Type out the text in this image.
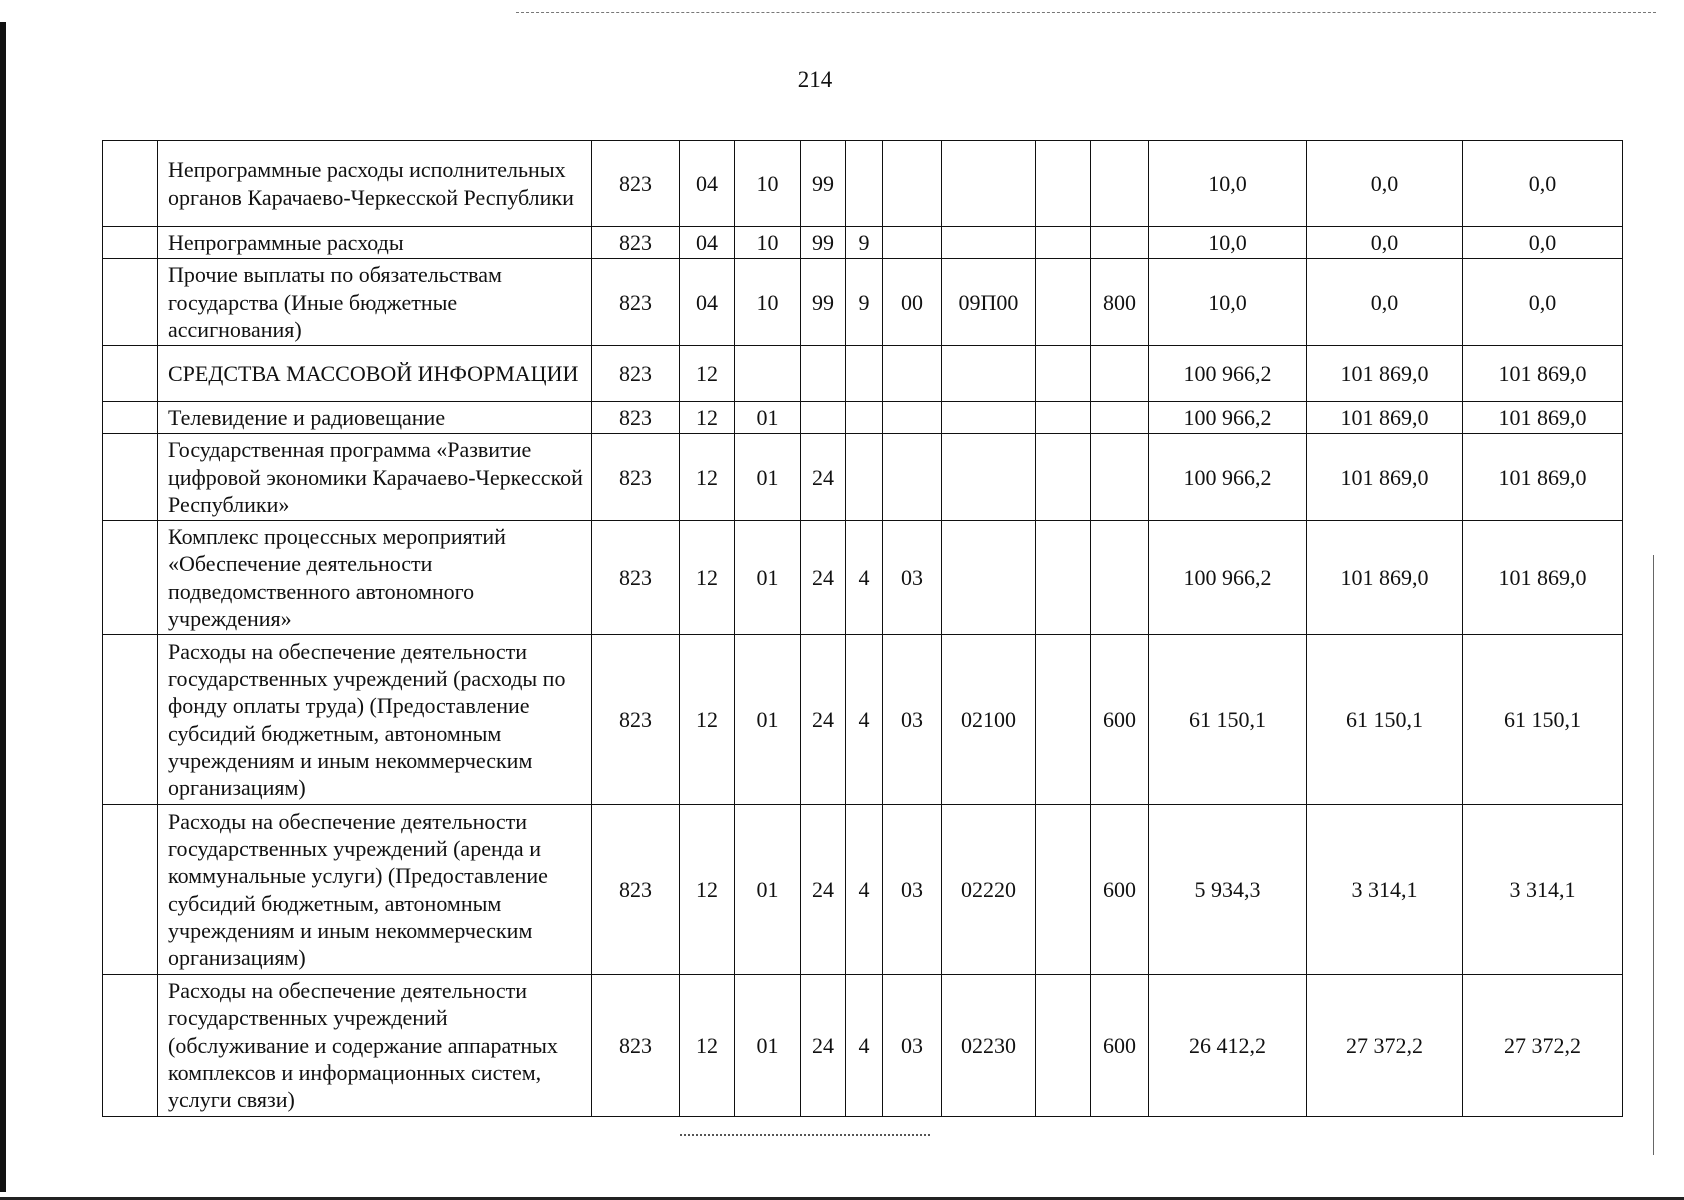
214
	Непрограммные расходы исполнительных органов Карачаево-Черкесской Республики	823	04	10	99						10,0	0,0	0,0
	Непрограммные расходы	823	04	10	99	9					10,0	0,0	0,0
	Прочие выплаты по обязательствам государства (Иные бюджетные ассигнования)	823	04	10	99	9	00	09П00		800	10,0	0,0	0,0
	СРЕДСТВА МАССОВОЙ ИНФОРМАЦИИ	823	12								100 966,2	101 869,0	101 869,0
	Телевидение и радиовещание	823	12	01							100 966,2	101 869,0	101 869,0
	Государственная программа «Развитие цифровой экономики Карачаево-Черкесской Республики»	823	12	01	24						100 966,2	101 869,0	101 869,0
	Комплекс процессных мероприятий «Обеспечение деятельности подведомственного автономного учреждения»	823	12	01	24	4	03				100 966,2	101 869,0	101 869,0
	Расходы на обеспечение деятельности государственных учреждений (расходы по фонду оплаты труда) (Предоставление субсидий бюджетным, автономным учреждениям и иным некоммерческим организациям)	823	12	01	24	4	03	02100		600	61 150,1	61 150,1	61 150,1
	Расходы на обеспечение деятельности государственных учреждений (аренда и коммунальные услуги) (Предоставление субсидий бюджетным, автономным учреждениям и иным некоммерческим организациям)	823	12	01	24	4	03	02220		600	5 934,3	3 314,1	3 314,1
	Расходы на обеспечение деятельности государственных учреждений (обслуживание и содержание аппаратных комплексов и информационных систем, услуги связи)	823	12	01	24	4	03	02230		600	26 412,2	27 372,2	27 372,2
